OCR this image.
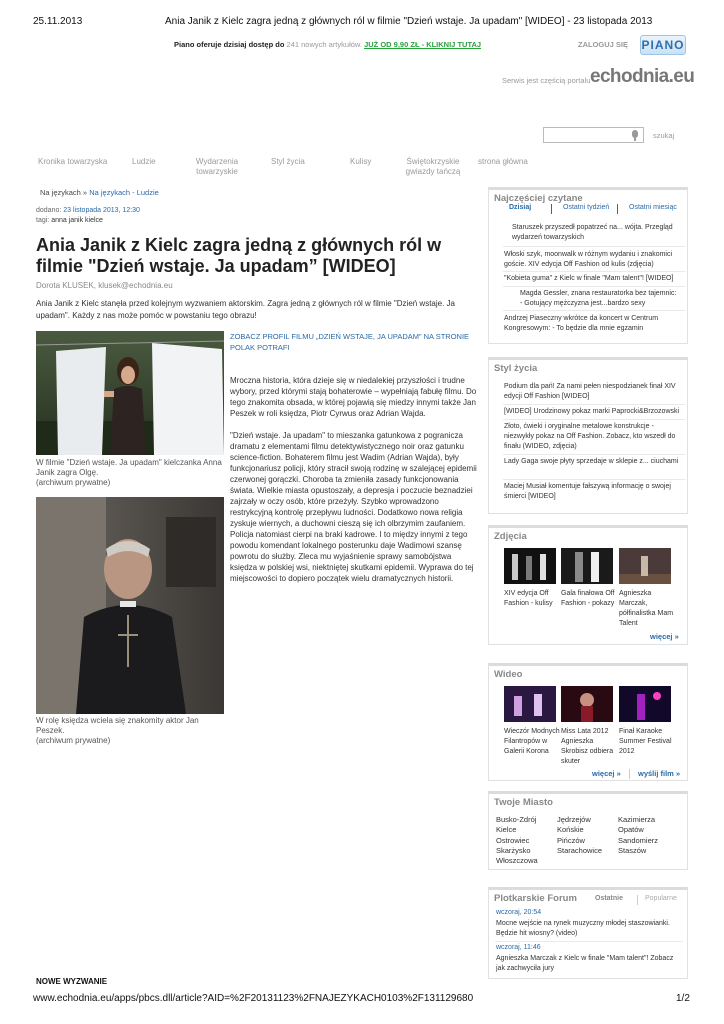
25.11.2013	Ania Janik z Kielc zagra jedną z głównych ról w filmie "Dzień wstaje. Ja upadam" [WIDEO] - 23 listopada 2013
Piano oferuje dzisiaj dostęp do 241 nowych artykułów. JUŻ OD 9,90 ZŁ - KLIKNIJ TUTAJ	ZALOGUJ SIĘ PIANO
Serwis jest częścią portalu echodnia.eu
szukaj
Kronika towarzyska	Ludzie	Wydarzenia towarzyskie
Styl życia	Kulisy	Świętokrzyskie gwiazdy tańczą
strona główna
Na językach » Na językach - Ludzie
dodano: 23 listopada 2013, 12:30
tagi: anna janik kielce
Ania Janik z Kielc zagra jedną z głównych ról w filmie "Dzień wstaje. Ja upadam” [WIDEO]
Dorota KLUSEK, klusek@echodnia.eu

Ania Janik z Kielc stanęła przed kolejnym wyzwaniem aktorskim. Zagra jedną z głównych ról w filmie "Dzień wstaje. Ja upadam". Każdy z nas może pomóc w powstaniu tego obrazu!

W filmie "Dzień wstaje. Ja upadam" kielczanka Anna Janik zagra Olgę.
(archiwum prywatne)
W rolę księdza wciela się znakomity aktor Jan Peszek.
(archiwum prywatne)
ZOBACZ PROFIL FILMU „DZIEŃ WSTAJE, JA UPADAM” NA STRONIE POLAK POTRAFI

Mroczna historia, która dzieje się w niedalekiej przyszłości i trudne wybory, przed którymi stają bohaterowie – wypełniają fabułę filmu. Do tego znakomita obsada, w której pojawią się miedzy innymi także Jan Peszek w roli księdza, Piotr Cyrwus oraz Adrian Wajda.

"Dzień wstaje. Ja upadam" to mieszanka gatunkowa z pogranicza dramatu z elementami filmu detektywistycznego noir oraz gatunku science-fiction. Bohaterem filmu jest Wadim (Adrian Wajda), były funkcjonariusz policji, który stracił swoją rodzinę w szalejącej epidemii czerwonej gorączki. Choroba ta zmieniła zasady funkcjonowania świata. Wielkie miasta opustoszały, a depresja i poczucie beznadziei zajrzały w oczy osób, które przeżyły. Szybko wprowadzono restrykcyjną kontrolę przepływu ludności. Dodatkowo nowa religia zyskuje wiernych, a duchowni cieszą się ich olbrzymim zaufaniem. Policja natomiast cierpi na braki kadrowe. I to między innymi z tego powodu komendant lokalnego posterunku daje Wadimowi szansę powrotu do służby. Zleca mu wyjaśnienie sprawy samobójstwa księdza w polskiej wsi, niektniętej skutkami epidemii. Wyprawa do tej miejscowości to dopiero początek wielu dramatycznych historii.

NOWE WYZWANIE
Najczęściej czytane
Dzisiaj	Ostatni tydzień	Ostatni miesiąc
Staruszek przyszedł popatrzeć na... wójta. Przegląd wydarzeń towarzyskich
Włoski szyk, moonwalk w różnym wydaniu i znakomici goście. XIV edycja Off Fashion od kulis (zdjęcia)
"Kobieta guma" z Kielc w finale "Mam talent"! [WIDEO]
Magda Gessler, znana restauratorka bez tajemnic: - Gotujący mężczyzna jest...bardzo sexy
Andrzej Piaseczny wkrótce da koncert w Centrum Kongresowym: - To będzie dla mnie egzamin
Styl życia
Podium dla pań! Za nami pełen niespodzianek finał XIV edycji Off Fashion [WIDEO]
[WIDEO] Urodzinowy pokaz marki Paprocki&Brzozowski
Złoto, ćwieki i oryginalne metalowe konstrukcje - niezwykły pokaz na Off Fashion. Zobacz, kto wszedł do finału (WIDEO, zdjęcia)
Lady Gaga swoje płyty sprzedaje w sklepie z... ciuchami
Maciej Musiał komentuje fałszywą informację o swojej śmierci [WIDEO]
Zdjęcia
XIV edycja Off Fashion - kulisy
Gala finałowa Off Fashion - pokazy
Agnieszka Marczak, półfinalistka Mam Talent
więcej »
Wideo
Wieczór Modnych Filantropów w Galerii Korona
Miss Lata 2012 Agnieszka Skrobisz odbiera skuter
Finał Karaoke Summer Festival 2012
więcej » wyślij film »
Twoje Miasto
Busko-Zdrój
Kielce
Ostrowiec
Skarżysko
Włoszczowa
Jędrzejów
Końskie
Pińczów
Starachowice
Kazimierza
Opatów
Sandomierz
Staszów
Plotkarskie Forum	Ostatnie	Popularne
wczoraj, 20:54
Mocne wejście na rynek muzyczny młodej staszowianki. Będzie hit wiosny? (video)
wczoraj, 11:46
Agnieszka Marczak z Kielc w finale "Mam talent"! Zobacz jak zachwyciła jury
www.echodnia.eu/apps/pbcs.dll/article?AID=%2F20131123%2FNAJEZYKACH0103%2F131129680	1/2
